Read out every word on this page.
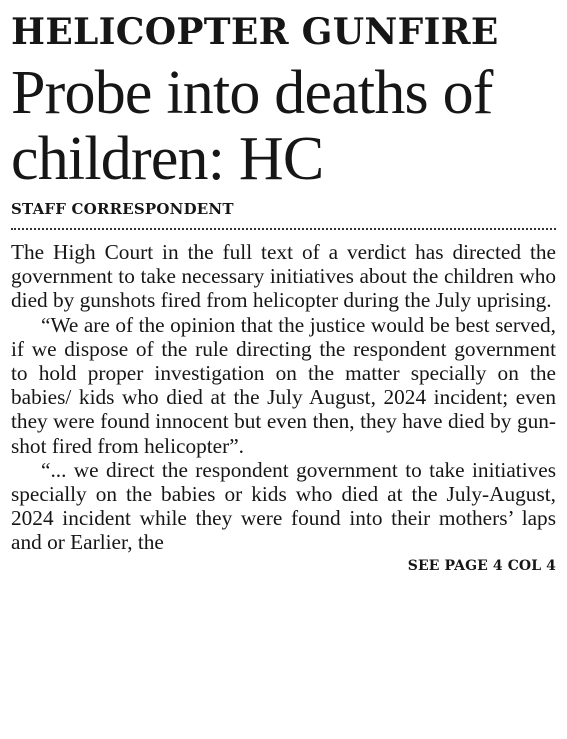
HELICOPTER GUNFIRE
Probe into deaths of children: HC
STAFF CORRESPONDENT

The High Court in the full text of a verdict has directed the government to take necessary initiatives about the children who died by gunshots fired from helicopter during the July uprising.

“We are of the opinion that the justice would be best served, if we dispose of the rule directing the respondent government to hold proper investigation on the matter specially on the babies/ kids who died at the July August, 2024 incident; even they were found innocent but even then, they have died by gun-shot fired from helicopter”.

“... we direct the respondent government to take initiatives specially on the babies or kids who died at the July-August, 2024 incident while they were found into their mothers’ laps and or Earlier, the

SEE PAGE 4 COL 4
